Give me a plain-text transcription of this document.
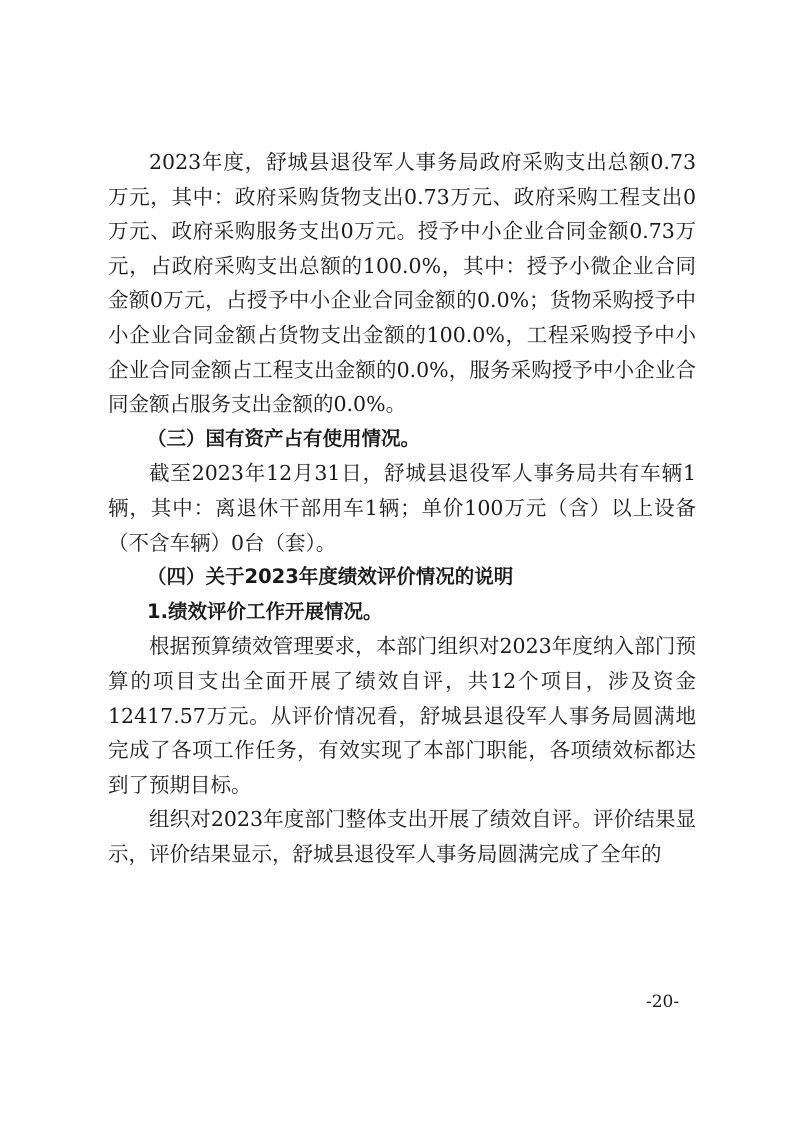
2023年度，舒城县退役军人事务局政府采购支出总额0.73万元，其中：政府采购货物支出0.73万元、政府采购工程支出0万元、政府采购服务支出0万元。授予中小企业合同金额0.73万元，占政府采购支出总额的100.0%，其中：授予小微企业合同金额0万元，占授予中小企业合同金额的0.0%；货物采购授予中小企业合同金额占货物支出金额的100.0%，工程采购授予中小企业合同金额占工程支出金额的0.0%，服务采购授予中小企业合同金额占服务支出金额的0.0%。

（三）国有资产占有使用情况。

截至2023年12月31日，舒城县退役军人事务局共有车辆1辆，其中：离退休干部用车1辆；单价100万元（含）以上设备（不含车辆）0台（套）。

（四）关于2023年度绩效评价情况的说明

1.绩效评价工作开展情况。

根据预算绩效管理要求，本部门组织对2023年度纳入部门预算的项目支出全面开展了绩效自评，共12个项目，涉及资金12417.57万元。从评价情况看，舒城县退役军人事务局圆满地完成了各项工作任务，有效实现了本部门职能，各项绩效标都达到了预期目标。

组织对2023年度部门整体支出开展了绩效自评。评价结果显示，评价结果显示，舒城县退役军人事务局圆满完成了全年的

-20-
